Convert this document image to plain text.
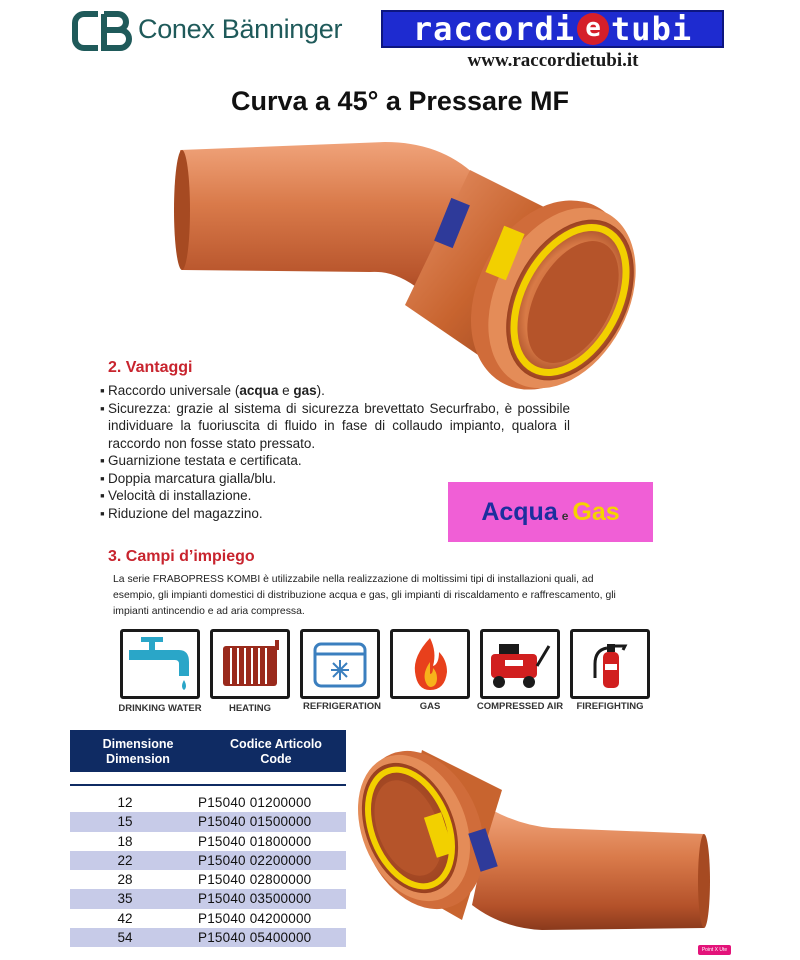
Conex Bänninger raccordi e tubi
www.raccordietubi.it
Curva a 45° a Pressare MF
2. Vantaggi
▪ Raccordo universale (acqua e gas).
▪ Sicurezza: grazie al sistema di sicurezza brevettato Securfrabo, è possibile individuare la fuoriuscita di fluido in fase di collaudo impianto, qualora il raccordo non fosse stato pressato.
▪ Guarnizione testata e certificata.
▪ Doppia marcatura gialla/blu.
▪ Velocità di installazione.
▪ Riduzione del magazzino.	Acqua e Gas
3. Campi d’impiego
La serie FRABOPRESS KOMBI è utilizzabile nella realizzazione di moltissimi tipi di installazioni quali, ad esempio, gli impianti domestici di distribuzione acqua e gas, gli impianti di riscaldamento e raffrescamento, gli impianti antincendio e ad aria compressa.
DRINKING WATER	HEATING	REFRIGERATION	GAS	COMPRESSED AIR	FIREFIGHTING
Dimensione
Dimension
Codice Articolo
Code
12	P15040 01200000
15	P15040 01500000
18	P15040 01800000
22	P15040 02200000
28	P15040 02800000
35	P15040 03500000
42	P15040 04200000
54	P15040 05400000
Point X Ute
